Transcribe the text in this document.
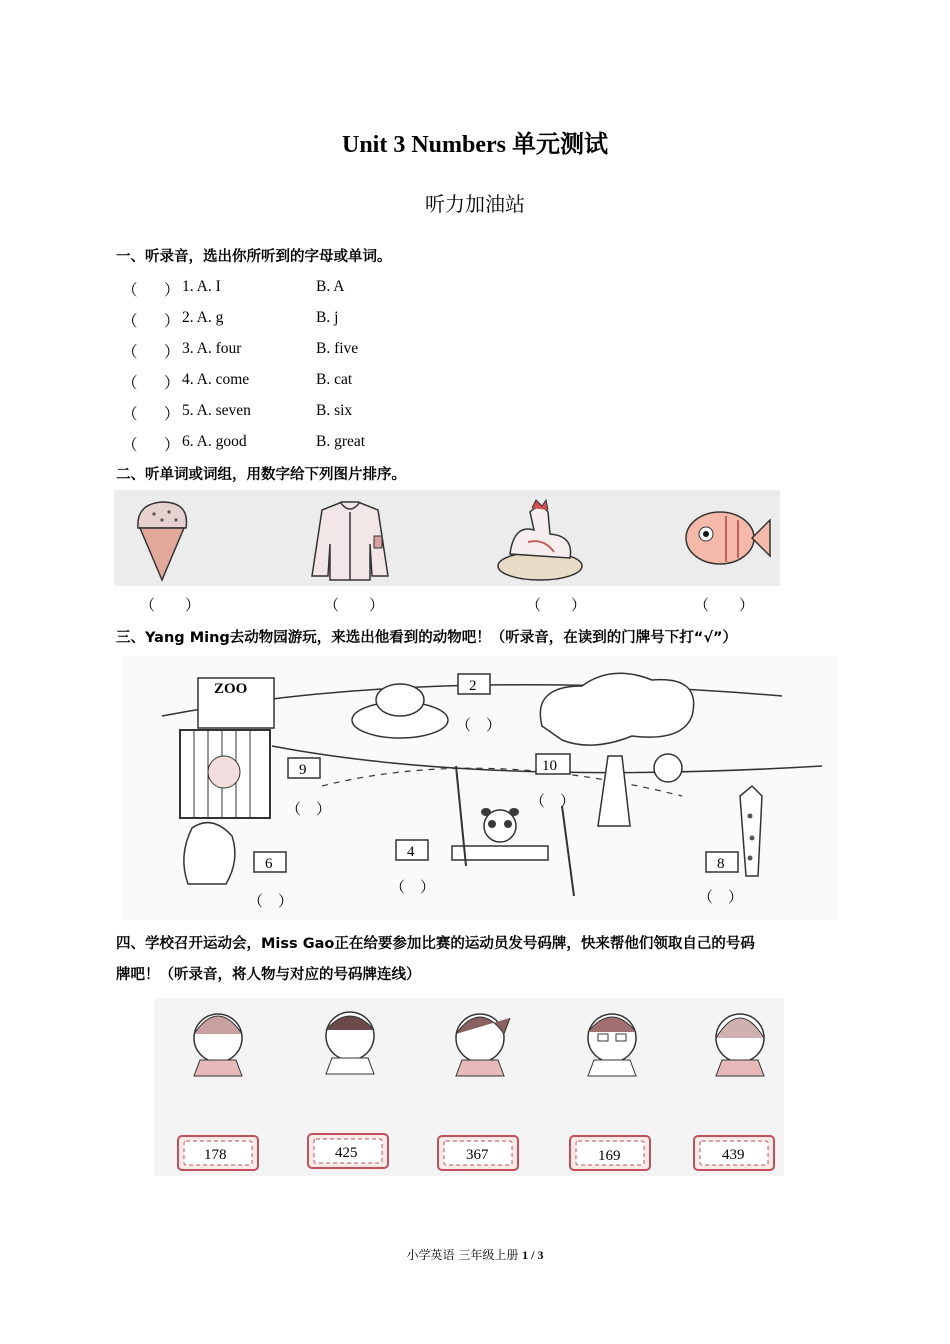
Unit 3 Numbers 单元测试
听力加油站
一、听录音，选出你所听到的字母或单词。
（ ） 1. A. I	B. A
（ ） 2. A. g	B. j
（ ） 3. A. four	B. five
（ ） 4. A. come	B. cat
（ ） 5. A. seven	B. six
（ ） 6. A. good	B. great
二、听单词或词组，用数字给下列图片排序。
（　　）	（　　）	（　　）	（　　）
三、Yang Ming去动物园游玩，来选出他看到的动物吧！（听录音，在读到的门牌号下打“√”）
ZOO	2
9	10
4
6	8
（　）
（　）	（　）
（　）
（　）	（　）
四、学校召开运动会，Miss Gao正在给要参加比赛的运动员发号码牌，快来帮他们领取自己的号码
牌吧！（听录音，将人物与对应的号码牌连线）
178	425	367	169	439
小学英语 三年级上册 1 / 3
